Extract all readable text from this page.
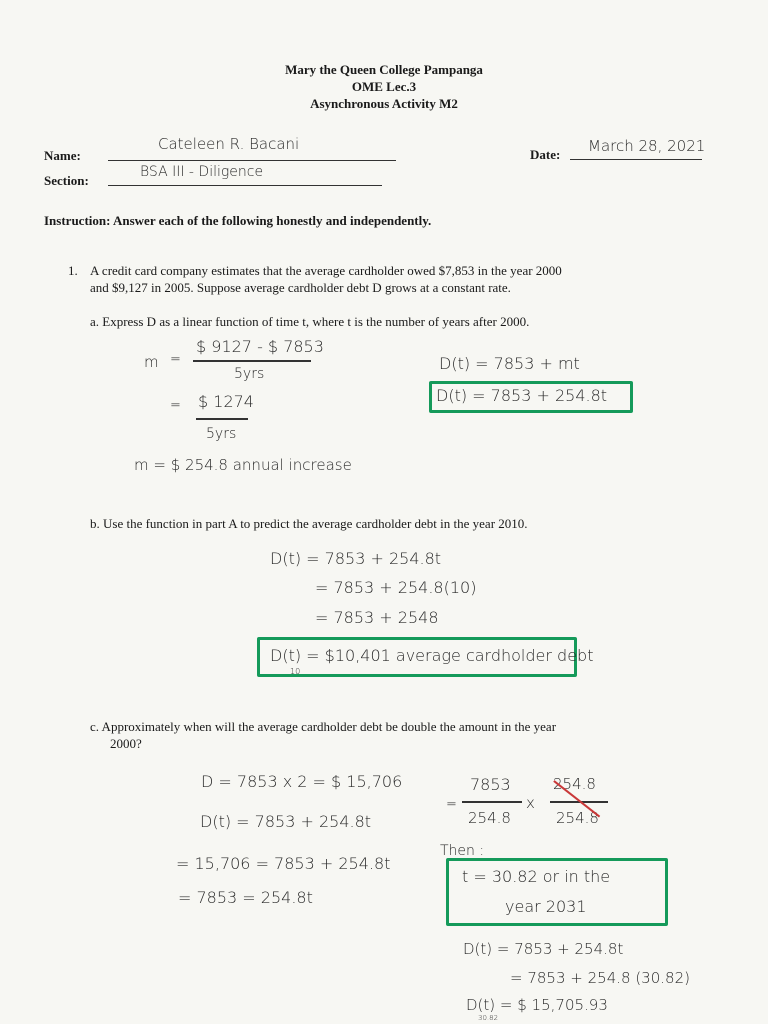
Mary the Queen College Pampanga
OME Lec.3
Asynchronous Activity M2
Name:
Cateleen R. Bacani
Date: March 28, 2021
Section:
BSA III - Diligence
Instruction: Answer each of the following honestly and independently.
1. A credit card company estimates that the average cardholder owed $7,853 in the year 2000
and $9,127 in 2005. Suppose average cardholder debt D grows at a constant rate.
a. Express D as a linear function of time t, where t is the number of years after 2000.
m =
$ 9127 - $ 7853
5yrs
= $ 1274
5yrs
m = $ 254.8 annual increase
D(t) = 7853 + mt
D(t) = 7853 + 254.8t
b. Use the function in part A to predict the average cardholder debt in the year 2010.
D(t) = 7853 + 254.8t
= 7853 + 254.8(10)
= 7853 + 2548
D(t) = $10,401 average cardholder debt
10
c. Approximately when will the average cardholder debt be double the amount in the year
2000?
D = 7853 x 2 = $ 15,706
D(t) = 7853 + 254.8t
= 15,706 = 7853 + 254.8t
= 7853 = 254.8t
=
7853
254.8
x
254.8
254.8
Then :
t = 30.82 or in the
year 2031
D(t) = 7853 + 254.8t
= 7853 + 254.8 (30.82)
D(t) = $ 15,705.93
30.82
